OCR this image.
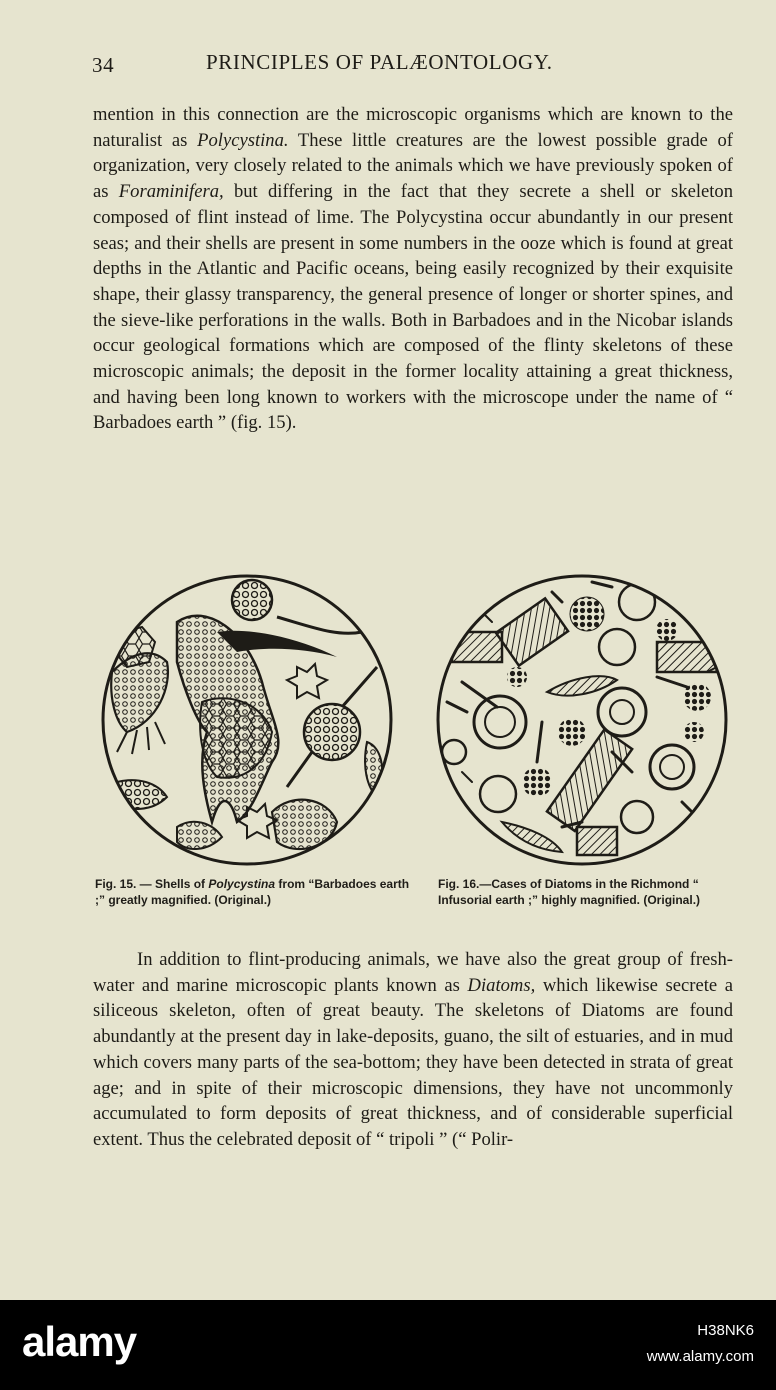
34	PRINCIPLES OF PALÆONTOLOGY.

mention in this connection are the microscopic organisms which are known to the naturalist as Polycystina. These little creatures are the lowest possible grade of organization, very closely related to the animals which we have previously spoken of as Foraminifera, but differing in the fact that they secrete a shell or skeleton composed of flint instead of lime. The Polycystina occur abundantly in our present seas; and their shells are present in some numbers in the ooze which is found at great depths in the Atlantic and Pacific oceans, being easily recognized by their exquisite shape, their glassy transparency, the general presence of longer or shorter spines, and the sieve-like perforations in the walls. Both in Barbadoes and in the Nicobar islands occur geological formations which are composed of the flinty skeletons of these microscopic animals; the deposit in the former locality attaining a great thickness, and having been long known to workers with the microscope under the name of “ Barbadoes earth ” (fig. 15).

Fig. 15. — Shells of Polycystina from “Barbadoes earth ;” greatly magnified. (Original.)

Fig. 16.—Cases of Diatoms in the Richmond “ Infusorial earth ;” highly magnified. (Original.)

In addition to flint-producing animals, we have also the great group of fresh-water and marine microscopic plants known as Diatoms, which likewise secrete a siliceous skeleton, often of great beauty. The skeletons of Diatoms are found abundantly at the present day in lake-deposits, guano, the silt of estuaries, and in mud which covers many parts of the sea-bottom; they have been detected in strata of great age; and in spite of their microscopic dimensions, they have not uncommonly accumulated to form deposits of great thickness, and of considerable superficial extent. Thus the celebrated deposit of “ tripoli ” (“ Polir-

alamy	H38NK6
www.alamy.com
